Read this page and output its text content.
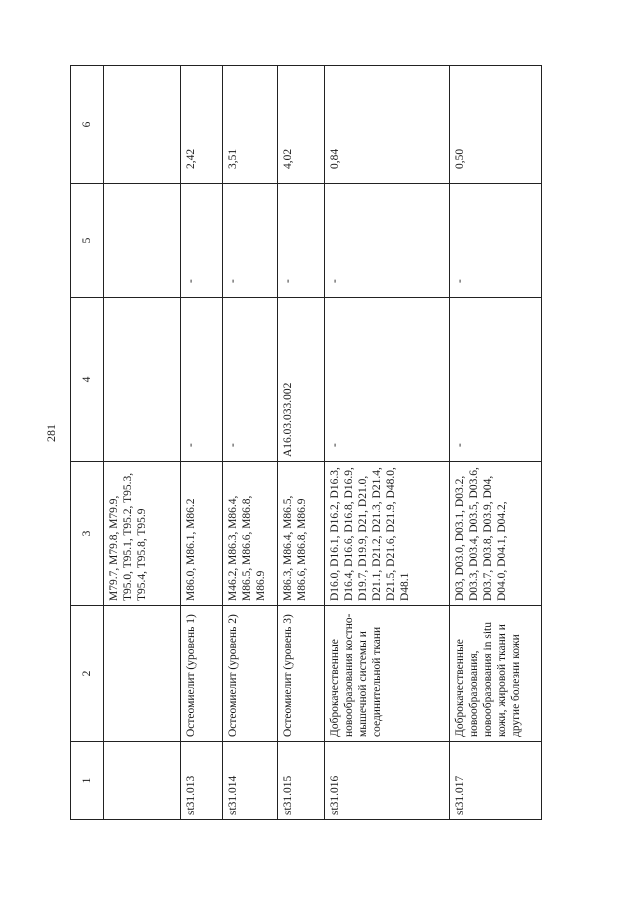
281
1	2	3	4	5	6
		M79.7, M79.8, M79.9, T95.0, T95.1, T95.2, T95.3, T95.4, T95.8, T95.9			
st31.013	Остеомиелит (уровень 1)	M86.0, M86.1, M86.2	-	-	2,42
st31.014	Остеомиелит (уровень 2)	M46.2, M86.3, M86.4, M86.5, M86.6, M86.8, M86.9	-	-	3,51
st31.015	Остеомиелит (уровень 3)	M86.3, M86.4, M86.5, M86.6, M86.8, M86.9	A16.03.033.002	-	4,02
st31.016	Доброкачественные новообразования костно-мышечной системы и соединительной ткани	D16.0, D16.1, D16.2, D16.3, D16.4, D16.6, D16.8, D16.9, D19.7, D19.9, D21, D21.0, D21.1, D21.2, D21.3, D21.4, D21.5, D21.6, D21.9, D48.0, D48.1	-	-	0,84
st31.017	Доброкачественные новообразования, новообразования in situ кожи, жировой ткани и другие болезни кожи	D03, D03.0, D03.1, D03.2, D03.3, D03.4, D03.5, D03.6, D03.7, D03.8, D03.9, D04, D04.0, D04.1, D04.2,	-	-	0,50
